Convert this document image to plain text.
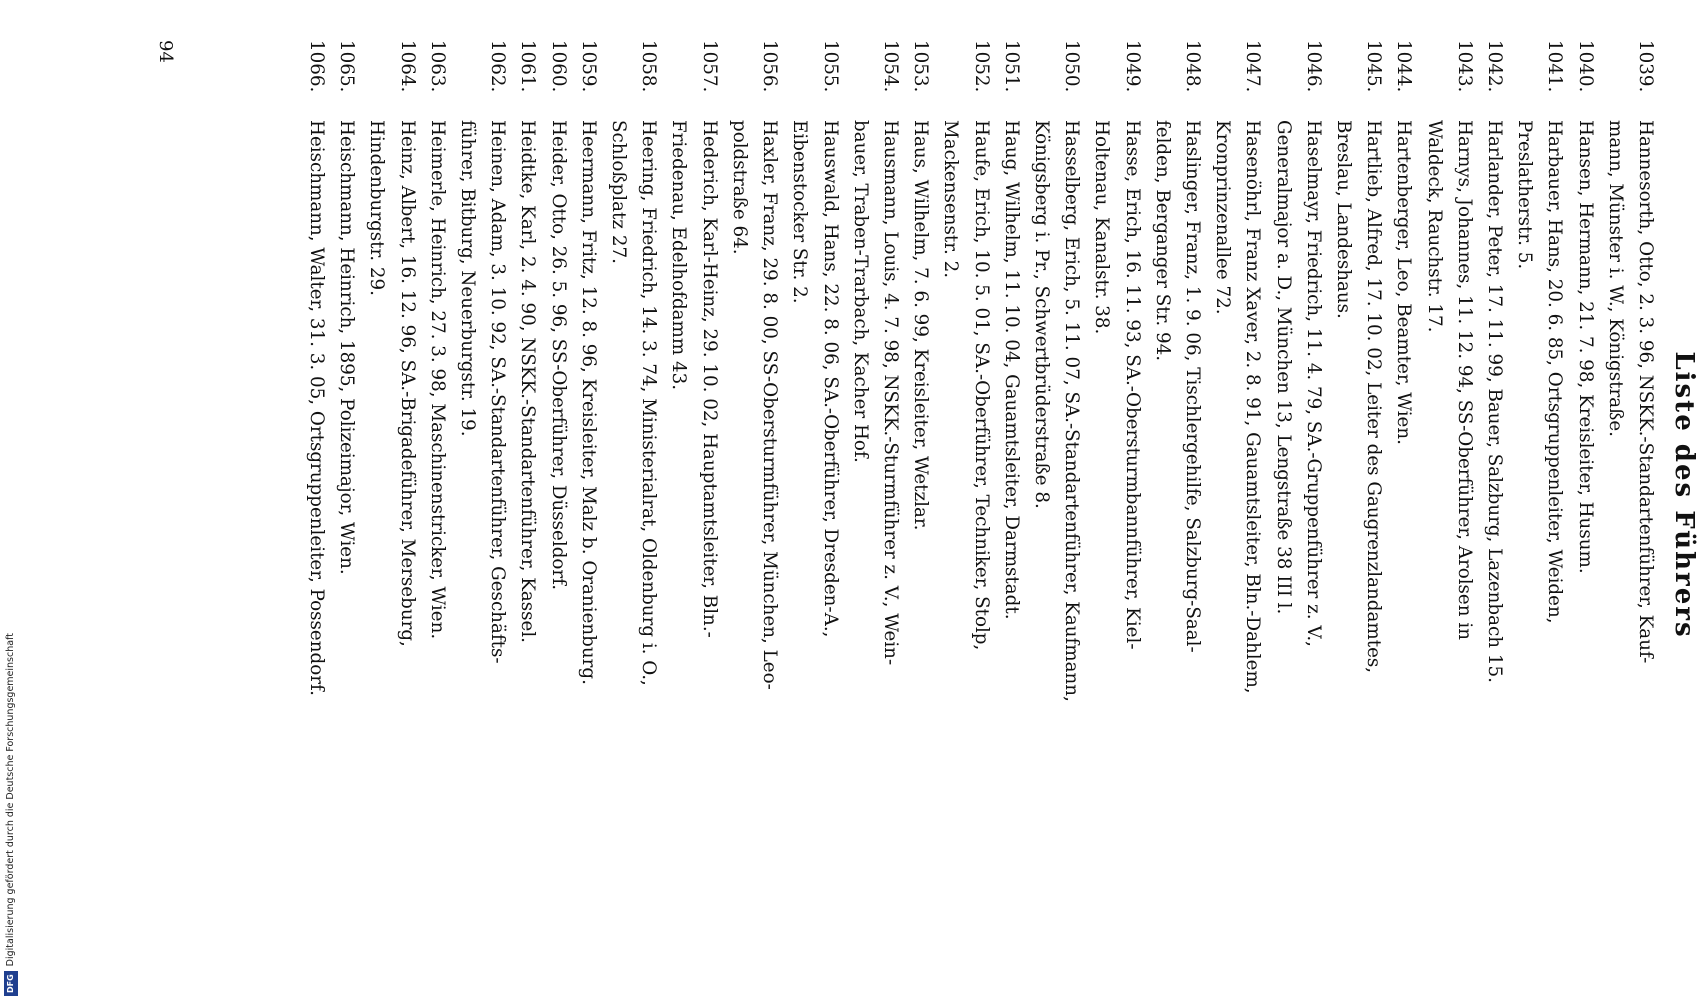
Liste des Führers
1039.
Hannesorth, Otto, 2. 3. 96, NSKK.-Standartenführer, Kauf-
mann, Münster i. W., Königstraße.
1040.
Hansen, Hermann, 21. 7. 98, Kreisleiter, Husum.
1041.
Harbauer, Hans, 20. 6. 85, Ortsgruppenleiter, Weiden,
Preslatherstr. 5.
1042.
Harlander, Peter, 17. 11. 99, Bauer, Salzburg, Lazenbach 15.
1043.
Harnys, Johannes, 11. 12. 94, SS-Oberführer, Arolsen in
Waldeck, Rauchstr. 17.
1044.
Hartenberger, Leo, Beamter, Wien.
1045.
Hartlieb, Alfred, 17. 10. 02, Leiter des Gaugrenzlandamtes,
Breslau, Landeshaus.
1046.
Haselmayr, Friedrich, 11. 4. 79, SA.-Gruppenführer z. V.,
Generalmajor a. D., München 13, Lengstraße 38 III l.
1047.
Hasenöhrl, Franz Xaver, 2. 8. 91, Gauamtsleiter, Bln.-Dahlem,
Kronprinzenallee 72.
1048.
Haslinger, Franz, 1. 9. 06, Tischlergehilfe, Salzburg-Saal-
felden, Berganger Str. 94.
1049.
Hasse, Erich, 16. 11. 93, SA.-Obersturmbannführer, Kiel-
Holtenau, Kanalstr. 38.
1050.
Hasselberg, Erich, 5. 11. 07, SA.-Standartenführer, Kaufmann,
Königsberg i. Pr., Schwertbrüderstraße 8.
1051.
Haug, Wilhelm, 11. 10. 04, Gauamtsleiter, Darmstadt.
1052.
Haufe, Erich, 10. 5. 01, SA.-Oberführer, Techniker, Stolp,
Mackensenstr. 2.
1053.
Haus, Wilhelm, 7. 6. 99, Kreisleiter, Wetzlar.
1054.
Hausmann, Louis, 4. 7. 98, NSKK.-Sturmführer z. V., Wein-
bauer, Traben-Trarbach, Kacher Hof.
1055.
Hauswald, Hans, 22. 8. 06, SA.-Oberführer, Dresden-A.,
Eibenstocker Str. 2.
1056.
Haxler, Franz, 29. 8. 00, SS-Obersturmführer, München, Leo-
poldstraße 64.
1057.
Hederich, Karl-Heinz, 29. 10. 02, Hauptamtsleiter, Bln.-
Friedenau, Edelhofdamm 43.
1058.
Heering, Friedrich, 14. 3. 74, Ministerialrat, Oldenburg i. O.,
Schloßplatz 27.
1059.
Heermann, Fritz, 12. 8. 96, Kreisleiter, Malz b. Oranienburg.
1060.
Heider, Otto, 26. 5. 96, SS-Oberführer, Düsseldorf.
1061.
Heidtke, Karl, 2. 4. 90, NSKK.-Standartenführer, Kassel.
1062.
Heinen, Adam, 3. 10. 92, SA.-Standartenführer, Geschäfts-
führer, Bitburg, Neuerburgstr. 19.
1063.
Heimerle, Heinrich, 27. 3. 98, Maschinenstricker, Wien.
1064.
Heinz, Albert, 16. 12. 96, SA.-Brigadeführer, Merseburg,
Hindenburgstr. 29.
1065.
Heischmann, Heinrich, 1895, Polizeimajor, Wien.
1066.
Heischmann, Walter, 31. 3. 05, Ortsgruppenleiter, Possendorf.
94
DFGDigitalisierung gefördert durch die Deutsche Forschungsgemeinschaft
